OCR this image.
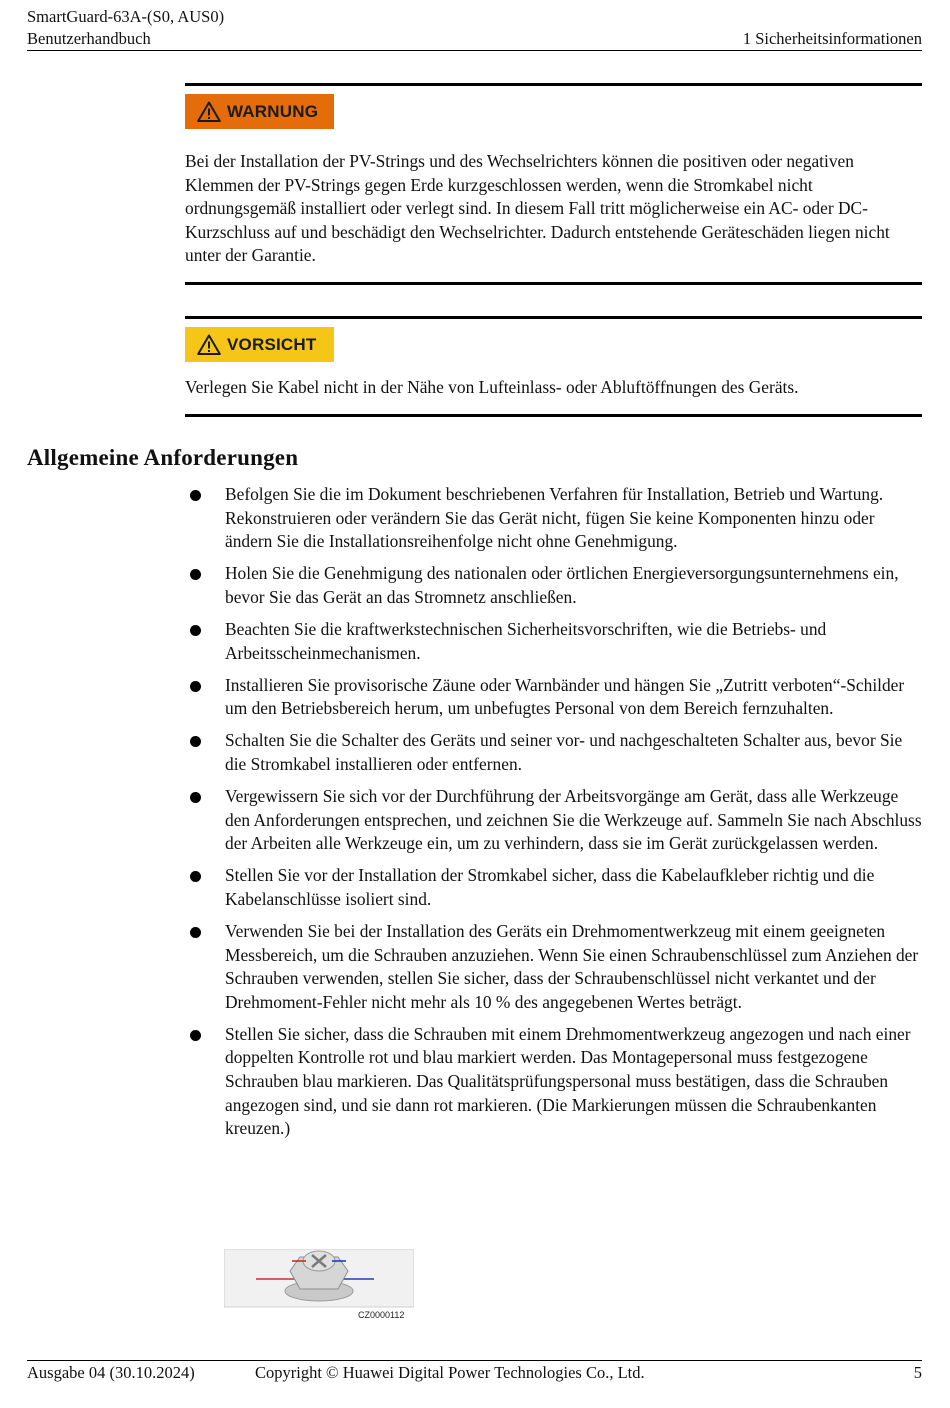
SmartGuard-63A-(S0, AUS0)
Benutzerhandbuch	1 Sicherheitsinformationen
WARNUNG
Bei der Installation der PV-Strings und des Wechselrichters können die positiven oder negativen Klemmen der PV-Strings gegen Erde kurzgeschlossen werden, wenn die Stromkabel nicht ordnungsgemäß installiert oder verlegt sind. In diesem Fall tritt möglicherweise ein AC- oder DC-Kurzschluss auf und beschädigt den Wechselrichter. Dadurch entstehende Geräteschäden liegen nicht unter der Garantie.
VORSICHT
Verlegen Sie Kabel nicht in der Nähe von Lufteinlass- oder Abluftöffnungen des Geräts.
Allgemeine Anforderungen
Befolgen Sie die im Dokument beschriebenen Verfahren für Installation, Betrieb und Wartung. Rekonstruieren oder verändern Sie das Gerät nicht, fügen Sie keine Komponenten hinzu oder ändern Sie die Installationsreihenfolge nicht ohne Genehmigung.
Holen Sie die Genehmigung des nationalen oder örtlichen Energieversorgungsunternehmens ein, bevor Sie das Gerät an das Stromnetz anschließen.
Beachten Sie die kraftwerkstechnischen Sicherheitsvorschriften, wie die Betriebs- und Arbeitsscheinmechanismen.
Installieren Sie provisorische Zäune oder Warnbänder und hängen Sie „Zutritt verboten“-Schilder um den Betriebsbereich herum, um unbefugtes Personal von dem Bereich fernzuhalten.
Schalten Sie die Schalter des Geräts und seiner vor- und nachgeschalteten Schalter aus, bevor Sie die Stromkabel installieren oder entfernen.
Vergewissern Sie sich vor der Durchführung der Arbeitsvorgänge am Gerät, dass alle Werkzeuge den Anforderungen entsprechen, und zeichnen Sie die Werkzeuge auf. Sammeln Sie nach Abschluss der Arbeiten alle Werkzeuge ein, um zu verhindern, dass sie im Gerät zurückgelassen werden.
Stellen Sie vor der Installation der Stromkabel sicher, dass die Kabelaufkleber richtig und die Kabelanschlüsse isoliert sind.
Verwenden Sie bei der Installation des Geräts ein Drehmomentwerkzeug mit einem geeigneten Messbereich, um die Schrauben anzuziehen. Wenn Sie einen Schraubenschlüssel zum Anziehen der Schrauben verwenden, stellen Sie sicher, dass der Schraubenschlüssel nicht verkantet und der Drehmoment-Fehler nicht mehr als 10 % des angegebenen Wertes beträgt.
Stellen Sie sicher, dass die Schrauben mit einem Drehmomentwerkzeug angezogen und nach einer doppelten Kontrolle rot und blau markiert werden. Das Montagepersonal muss festgezogene Schrauben blau markieren. Das Qualitätsprüfungspersonal muss bestätigen, dass die Schrauben angezogen sind, und sie dann rot markieren. (Die Markierungen müssen die Schraubenkanten kreuzen.)
CZ0000112
Ausgabe 04 (30.10.2024)	Copyright © Huawei Digital Power Technologies Co., Ltd.	5
